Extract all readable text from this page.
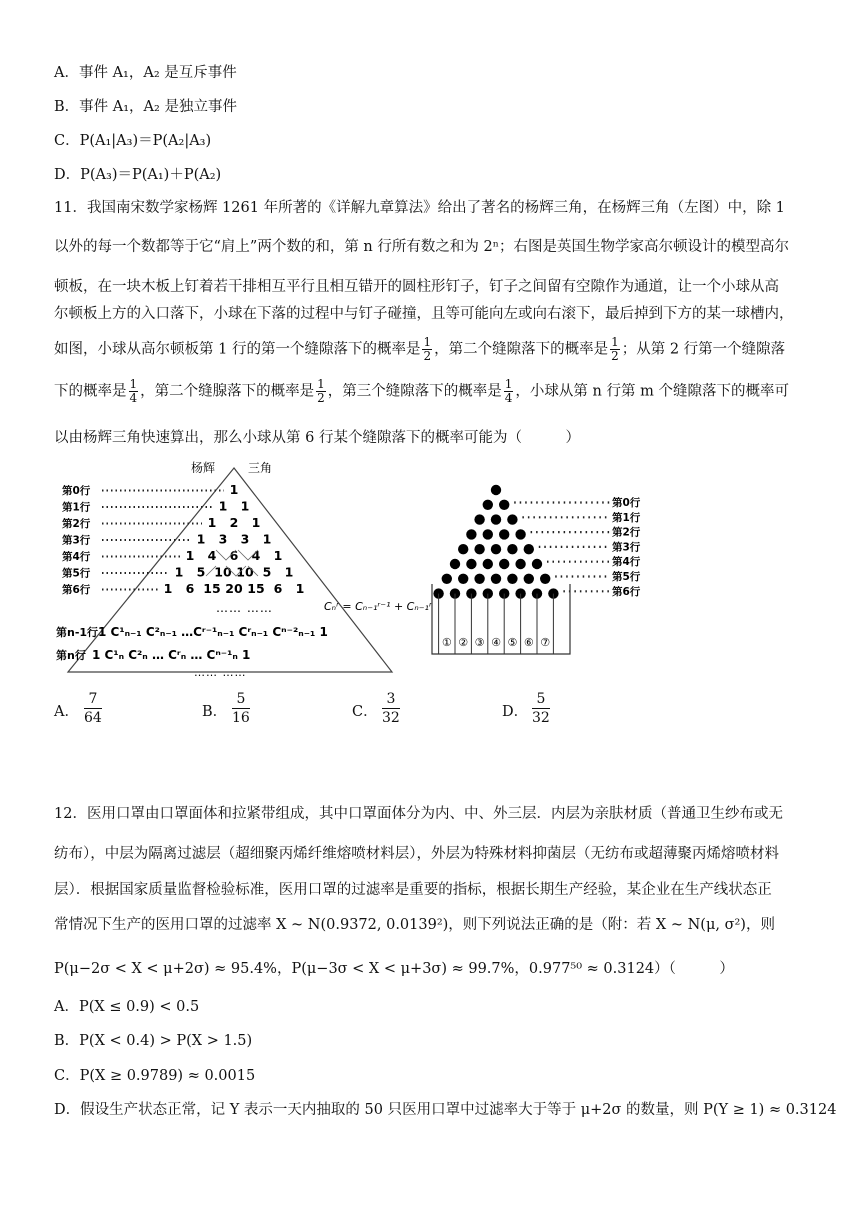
A．事件 A₁，A₂ 是互斥事件
B．事件 A₁，A₂ 是独立事件
C．P(A₁|A₃)＝P(A₂|A₃)
D．P(A₃)＝P(A₁)＋P(A₂)
11．我国南宋数学家杨辉 1261 年所著的《详解九章算法》给出了著名的杨辉三角，在杨辉三角（左图）中，除 1
以外的每一个数都等于它“肩上”两个数的和，第 n 行所有数之和为 2ⁿ；右图是英国生物学家高尔顿设计的模型高尔
顿板，在一块木板上钉着若干排相互平行且相互错开的圆柱形钉子，钉子之间留有空隙作为通道，让一个小球从高
尔顿板上方的入口落下，小球在下落的过程中与钉子碰撞，且等可能向左或向右滚下，最后掉到下方的某一球槽内，
如图，小球从高尔顿板第 1 行的第一个缝隙落下的概率是 $\frac{1}{2}$ ，第二个缝隙落下的概率是 $\frac{1}{2}$ ；从第 2 行第一个缝隙落
下的概率是 $\frac{1}{4}$ ，第二个缝腺落下的概率是 $\frac{1}{2}$ ，第三个缝隙落下的概率是 $\frac{1}{4}$ ，小球从第 n 行第 m 个缝隙落下的概率可
以由杨辉三角快速算出，那么小球从第 6 行某个缝隙落下的概率可能为（　　　）
杨辉	三角
第0行
第1行
第2行
第3行
第4行
第5行
第6行
1
1 1
1 2 1
1 3 3 1
1 4 6 4 1
1 5 10 10 5 1
1 6 15 20 15 6 1
…… ……	Cₙʳ = Cₙ₋₁ʳ⁻¹ + Cₙ₋₁ʳ
第n-1行 1 C¹ₙ₋₁ C²ₙ₋₁ …Cʳ⁻¹ₙ₋₁ Cʳₙ₋₁ Cⁿ⁻²ₙ₋₁ 1
第n行 1 C¹ₙ C²ₙ … Cʳₙ … Cⁿ⁻¹ₙ 1
…… ……
第0行
第1行
第2行
第3行
第4行
第5行
第6行
① ② ③ ④ ⑤ ⑥ ⑦
A． $\frac{7}{64}$	B． $\frac{5}{16}$	C． $\frac{3}{32}$	D． $\frac{5}{32}$
12．医用口罩由口罩面体和拉紧带组成，其中口罩面体分为内、中、外三层．内层为亲肤材质（普通卫生纱布或无
纺布），中层为隔离过滤层（超细聚丙烯纤维熔喷材料层），外层为特殊材料抑菌层（无纺布或超薄聚丙烯熔喷材料
层）．根据国家质量监督检验标准，医用口罩的过滤率是重要的指标，根据长期生产经验，某企业在生产线状态正
常情况下生产的医用口罩的过滤率 X ~ N(0.9372, 0.0139²)，则下列说法正确的是（附：若 X ~ N(μ, σ²)，则
P(μ−2σ < X < μ+2σ) ≈ 95.4%，P(μ−3σ < X < μ+3σ) ≈ 99.7%，0.977⁵⁰ ≈ 0.3124）（　　　）
A．P(X ≤ 0.9) < 0.5
B．P(X < 0.4) > P(X > 1.5)
C．P(X ≥ 0.9789) ≈ 0.0015
D．假设生产状态正常，记 Y 表示一天内抽取的 50 只医用口罩中过滤率大于等于 μ+2σ 的数量，则 P(Y ≥ 1) ≈ 0.3124
